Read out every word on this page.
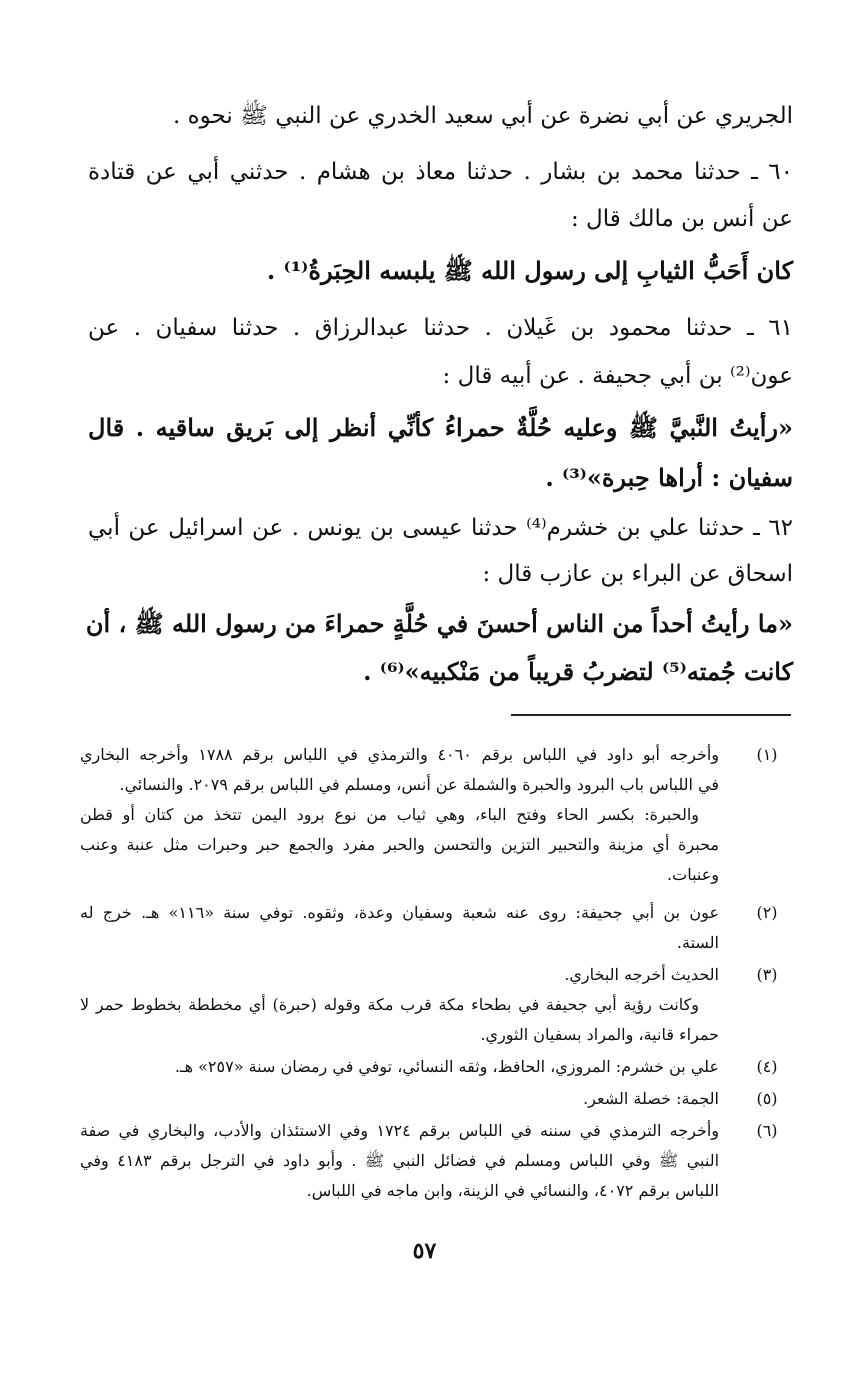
الجريري عن أبي نضرة عن أبي سعيد الخدري عن النبي ﷺ نحوه .
٦٠ ـ حدثنا محمد بن بشار . حدثنا معاذ بن هشام . حدثني أبي عن قتادة
عن أنس بن مالك قال :
كان أَحَبُّ الثيابِ إلى رسول الله ﷺ يلبسه الحِبَرةُ⁽¹⁾ .
٦١ ـ حدثنا محمود بن غَيلان . حدثنا عبدالرزاق . حدثنا سفيان . عن
عون⁽²⁾ بن أبي جحيفة . عن أبيه قال :
«رأيتُ النَّبيَّ ﷺ وعليه حُلَّةٌ حمراءُ كأنِّي أنظر إلى بَريق ساقيه . قال
سفيان : أراها حِبرة»⁽³⁾ .
٦٢ ـ حدثنا علي بن خشرم⁽⁴⁾ حدثنا عيسى بن يونس . عن اسرائيل عن أبي
اسحاق عن البراء بن عازب قال :
«ما رأيتُ أحداً من الناس أحسنَ في حُلَّةٍ حمراءَ من رسول الله ﷺ ، أن
كانت جُمته⁽⁵⁾ لتضربُ قريباً من مَنْكبيه»⁽⁶⁾ .
(١)
وأخرجه أبو داود في اللباس برقم ٤٠٦٠ والترمذي في اللباس برقم ١٧٨٨ وأخرجه البخاري
في اللباس باب البرود والحبرة والشملة عن أنس، ومسلم في اللباس برقم ٢٠٧٩. والنسائي.
والحبرة: بكسر الحاء وفتح الباء، وهي ثياب من نوع برود اليمن تتخذ من كتان أو قطن
محبرة أي مزينة والتحبير التزين والتحسن والحبر مفرد والجمع حبر وحبرات مثل عنبة وعنب
وعنبات.
(٢)
عون بن أبي جحيفة: روى عنه شعبة وسفيان وعدة، وثقوه. توفي سنة «١١٦» هـ. خرج له
الستة.
(٣)
الحديث أخرجه البخاري.
وكانت رؤية أبي جحيفة في بطحاء مكة قرب مكة وقوله (حبرة) أي مخططة بخطوط حمر لا
حمراء قانية، والمراد بسفيان الثوري.
(٤)
علي بن خشرم: المروزي، الحافظ، وثقه النسائي، توفي في رمضان سنة «٢٥٧» هـ.
(٥)
الجمة: خصلة الشعر.
(٦)
وأخرجه الترمذي في سننه في اللباس برقم ١٧٢٤ وفي الاستئذان والأدب، والبخاري في صفة
النبي ﷺ وفي اللباس ومسلم في فضائل النبي ﷺ . وأبو داود في الترجل برقم ٤١٨٣ وفي
اللباس برقم ٤٠٧٢، والنسائي في الزينة، وابن ماجه في اللباس.
٥٧
